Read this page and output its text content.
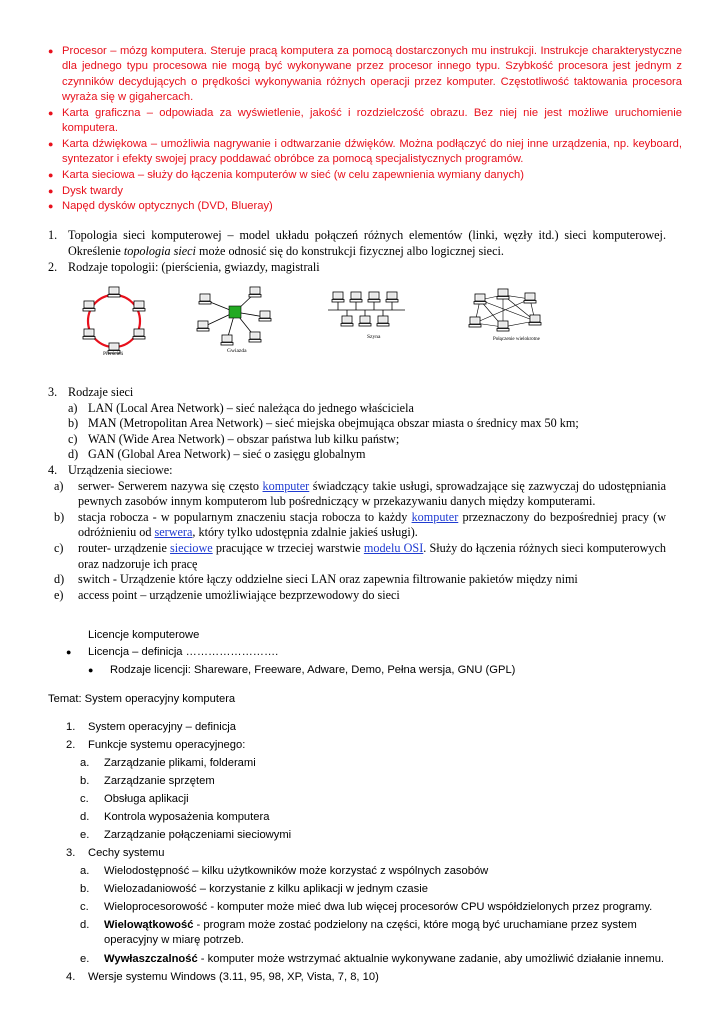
● Procesor – mózg komputera. Steruje pracą komputera za pomocą dostarczonych mu instrukcji. Instrukcje charakterystyczne dla jednego typu procesowa nie mogą być wykonywane przez procesor innego typu. Szybkość procesora jest jednym z czynników decydujących o prędkości wykonywania różnych operacji przez komputer. Częstotliwość taktowania procesora wyraża się w gigahercach.
● Karta graficzna – odpowiada za wyświetlenie, jakość i rozdzielczość obrazu. Bez niej nie jest możliwe uruchomienie komputera.
● Karta dźwiękowa – umożliwia nagrywanie i odtwarzanie dźwięków. Można podłączyć do niej inne urządzenia, np. keyboard, syntezator i efekty swojej pracy poddawać obróbce za pomocą specjalistycznych programów.
● Karta sieciowa – służy do łączenia komputerów w sieć (w celu zapewnienia wymiany danych)
● Dysk twardy
● Napęd dysków optycznych (DVD, Blueray)
1. Topologia sieci komputerowej – model układu połączeń różnych elementów (linki, węzły itd.) sieci komputerowej. Określenie topologia sieci może odnosić się do konstrukcji fizycznej albo logicznej sieci.
2. Rodzaje topologii: (pierścienia, gwiazdy, magistrali
Pierścień	Gwiazda
Szyna	Połączenie wielokrotne
3. Rodzaje sieci
a) LAN (Local Area Network) – sieć należąca do jednego właściciela
b) MAN (Metropolitan Area Network) – sieć miejska obejmująca obszar miasta o średnicy max 50 km;
c) WAN (Wide Area Network) – obszar państwa lub kilku państw;
d) GAN (Global Area Network) – sieć o zasięgu globalnym
4. Urządzenia sieciowe:
a) serwer- Serwerem nazywa się często komputer świadczący takie usługi, sprowadzające się zazwyczaj do udostępniania pewnych zasobów innym komputerom lub pośredniczący w przekazywaniu danych między komputerami.
b) stacja robocza - w popularnym znaczeniu stacja robocza to każdy komputer przeznaczony do bezpośredniej pracy (w odróżnieniu od serwera, który tylko udostępnia zdalnie jakieś usługi).
c) router- urządzenie sieciowe pracujące w trzeciej warstwie modelu OSI. Służy do łączenia różnych sieci komputerowych oraz nadzoruje ich pracę
d) switch - Urządzenie które łączy oddzielne sieci LAN oraz zapewnia filtrowanie pakietów między nimi
e) access point – urządzenie umożliwiające bezprzewodowy do sieci
Licencje komputerowe
● Licencja – definicja …………………….
● Rodzaje licencji: Shareware, Freeware, Adware, Demo, Pełna wersja, GNU (GPL)
Temat: System operacyjny komputera
1. System operacyjny – definicja
2. Funkcje systemu operacyjnego:
a. Zarządzanie plikami, folderami
b. Zarządzanie sprzętem
c. Obsługa aplikacji
d. Kontrola wyposażenia komputera
e. Zarządzanie połączeniami sieciowymi
3. Cechy systemu
a. Wielodostępność – kilku użytkowników może korzystać z wspólnych zasobów
b. Wielozadaniowość – korzystanie z kilku aplikacji w jednym czasie
c. Wieloprocesorowość - komputer może mieć dwa lub więcej procesorów CPU współdzielonych przez programy.
d. Wielowątkowość - program może zostać podzielony na części, które mogą być uruchamiane przez system operacyjny w miarę potrzeb.
e. Wywłaszczalność - komputer może wstrzymać aktualnie wykonywane zadanie, aby umożliwić działanie innemu.
4. Wersje systemu Windows (3.11, 95, 98, XP, Vista, 7, 8, 10)
